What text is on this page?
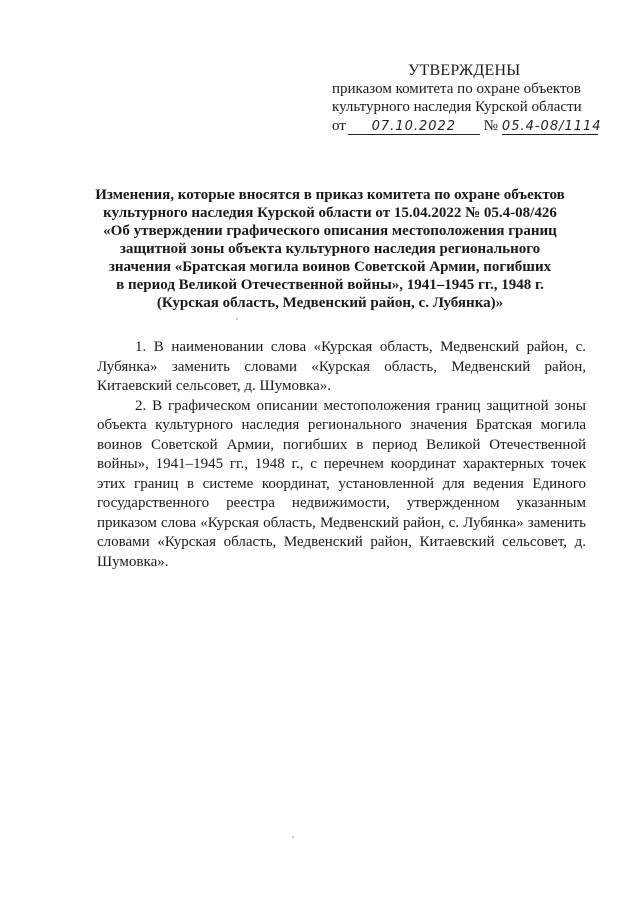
УТВЕРЖДЕНЫ
приказом комитета по охране объектов
культурного наследия Курской области
от 07.10.2022 № 05.4-08/1114
Изменения, которые вносятся в приказ комитета по охране объектов
культурного наследия Курской области от 15.04.2022 № 05.4-08/426
«Об утверждении графического описания местоположения границ
защитной зоны объекта культурного наследия регионального
значения «Братская могила воинов Советской Армии, погибших
в период Великой Отечественной войны», 1941–1945 гг., 1948 г.
(Курская область, Медвенский район, с. Лубянка)»

1. В наименовании слова «Курская область, Медвенский район, с. Лубянка» заменить словами «Курская область, Медвенский район, Китаевский сельсовет, д. Шумовка».

2. В графическом описании местоположения границ защитной зоны объекта культурного наследия регионального значения Братская могила воинов Советской Армии, погибших в период Великой Отечественной войны», 1941–1945 гг., 1948 г., с перечнем координат характерных точек этих границ в системе координат, установленной для ведения Единого государственного реестра недвижимости, утвержденном указанным приказом слова «Курская область, Медвенский район, с. Лубянка» заменить словами «Курская область, Медвенский район, Китаевский сельсовет, д. Шумовка».
